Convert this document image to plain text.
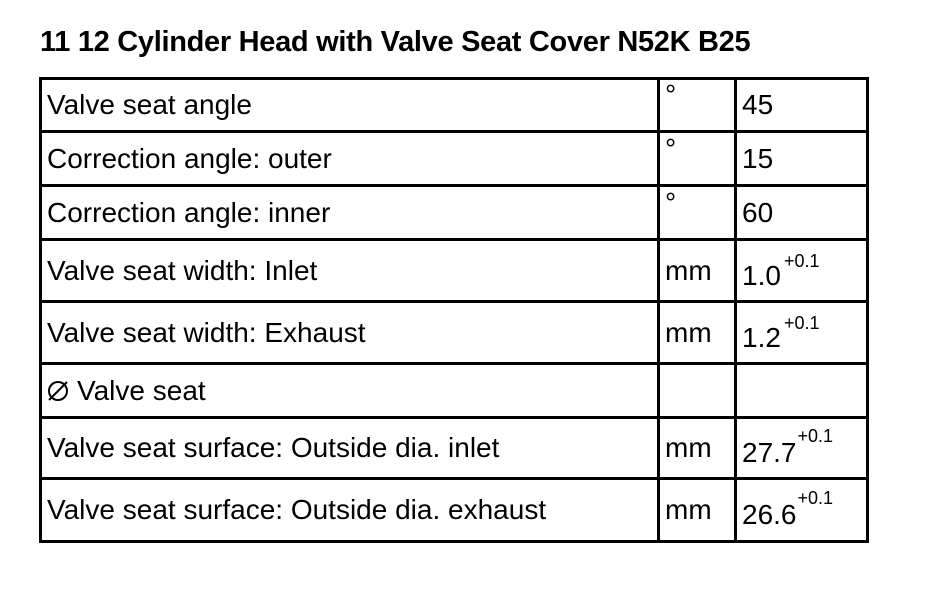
11 12 Cylinder Head with Valve Seat Cover N52K B25
Valve seat angle	°	45
Correction angle: outer	°	15
Correction angle: inner	°	60
Valve seat width: Inlet	mm	1.0 $^{+0.1}$
Valve seat width: Exhaust	mm	1.2 $^{+0.1}$
Valve seat		
Valve seat surface: Outside dia. inlet	mm	$27.7^{+0.1}$
Valve seat surface: Outside dia. exhaust	mm	$26.6^{+0.1}$
